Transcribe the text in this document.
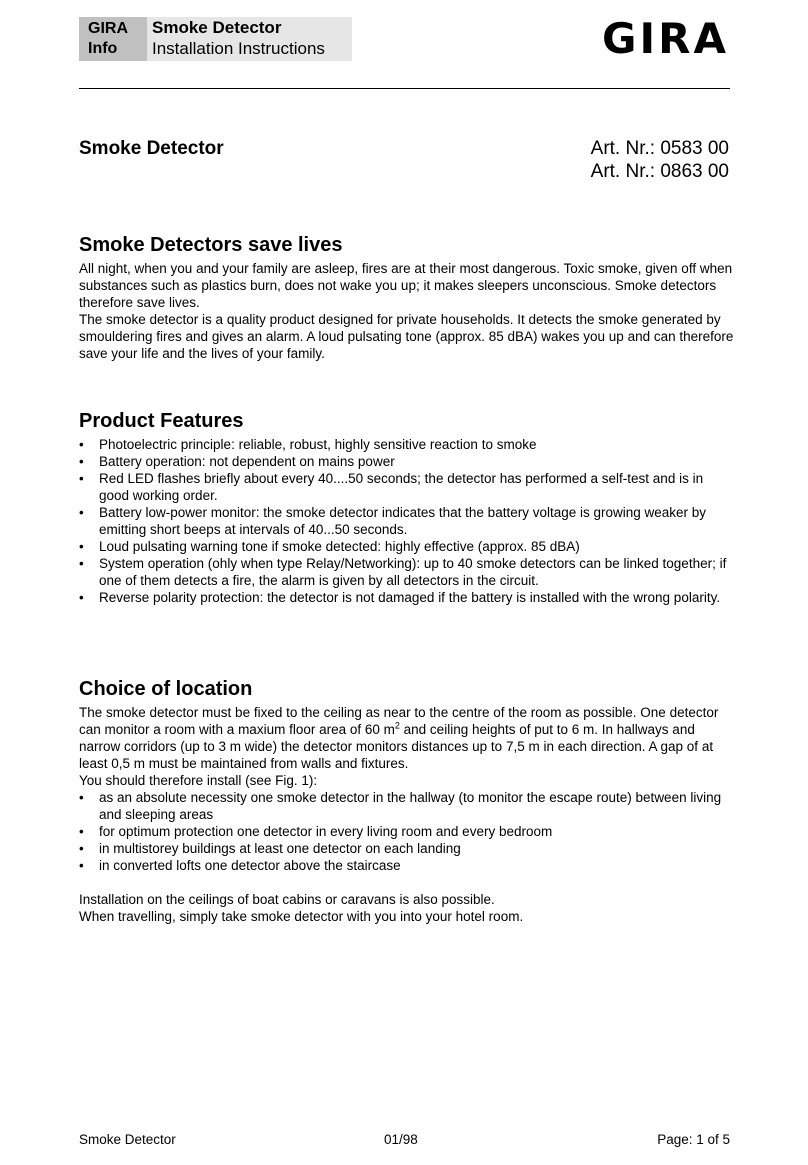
GIRA
Info
Smoke Detector
Installation Instructions	GIRA
Smoke Detector	Art. Nr.: 0583 00
Art. Nr.: 0863 00
Smoke Detectors save lives

All night, when you and your family are asleep, fires are at their most dangerous. Toxic smoke, given off when substances such as plastics burn, does not wake you up; it makes sleepers unconscious. Smoke detectors therefore save lives.

The smoke detector is a quality product designed for private households. It detects the smoke generated by smouldering fires and gives an alarm. A loud pulsating tone (approx. 85 dBA) wakes you up and can therefore save your life and the lives of your family.

Product Features
• Photoelectric principle: reliable, robust, highly sensitive reaction to smoke
• Battery operation: not dependent on mains power
• Red LED flashes briefly about every 40....50 seconds; the detector has performed a self-test and is in good working order.
• Battery low-power monitor: the smoke detector indicates that the battery voltage is growing weaker by emitting short beeps at intervals of 40...50 seconds.
• Loud pulsating warning tone if smoke detected: highly effective (approx. 85 dBA)
• System operation (ohly when type Relay/Networking): up to 40 smoke detectors can be linked together; if one of them detects a fire, the alarm is given by all detectors in the circuit.
• Reverse polarity protection: the detector is not damaged if the battery is installed with the wrong polarity.
Choice of location

The smoke detector must be fixed to the ceiling as near to the centre of the room as possible. One detector can monitor a room with a maxium floor area of 60 $m^2$ and ceiling heights of put to 6 m. In hallways and narrow corridors (up to 3 m wide) the detector monitors distances up to 7,5 m in each direction. A gap of at least 0,5 m must be maintained from walls and fixtures.

You should therefore install (see Fig. 1):

• as an absolute necessity one smoke detector in the hallway (to monitor the escape route) between living and sleeping areas
• for optimum protection one detector in every living room and every bedroom
• in multistorey buildings at least one detector on each landing
• in converted lofts one detector above the staircase

Installation on the ceilings of boat cabins or caravans is also possible.

When travelling, simply take smoke detector with you into your hotel room.

Smoke Detector	01/98	Page: 1 of 5
